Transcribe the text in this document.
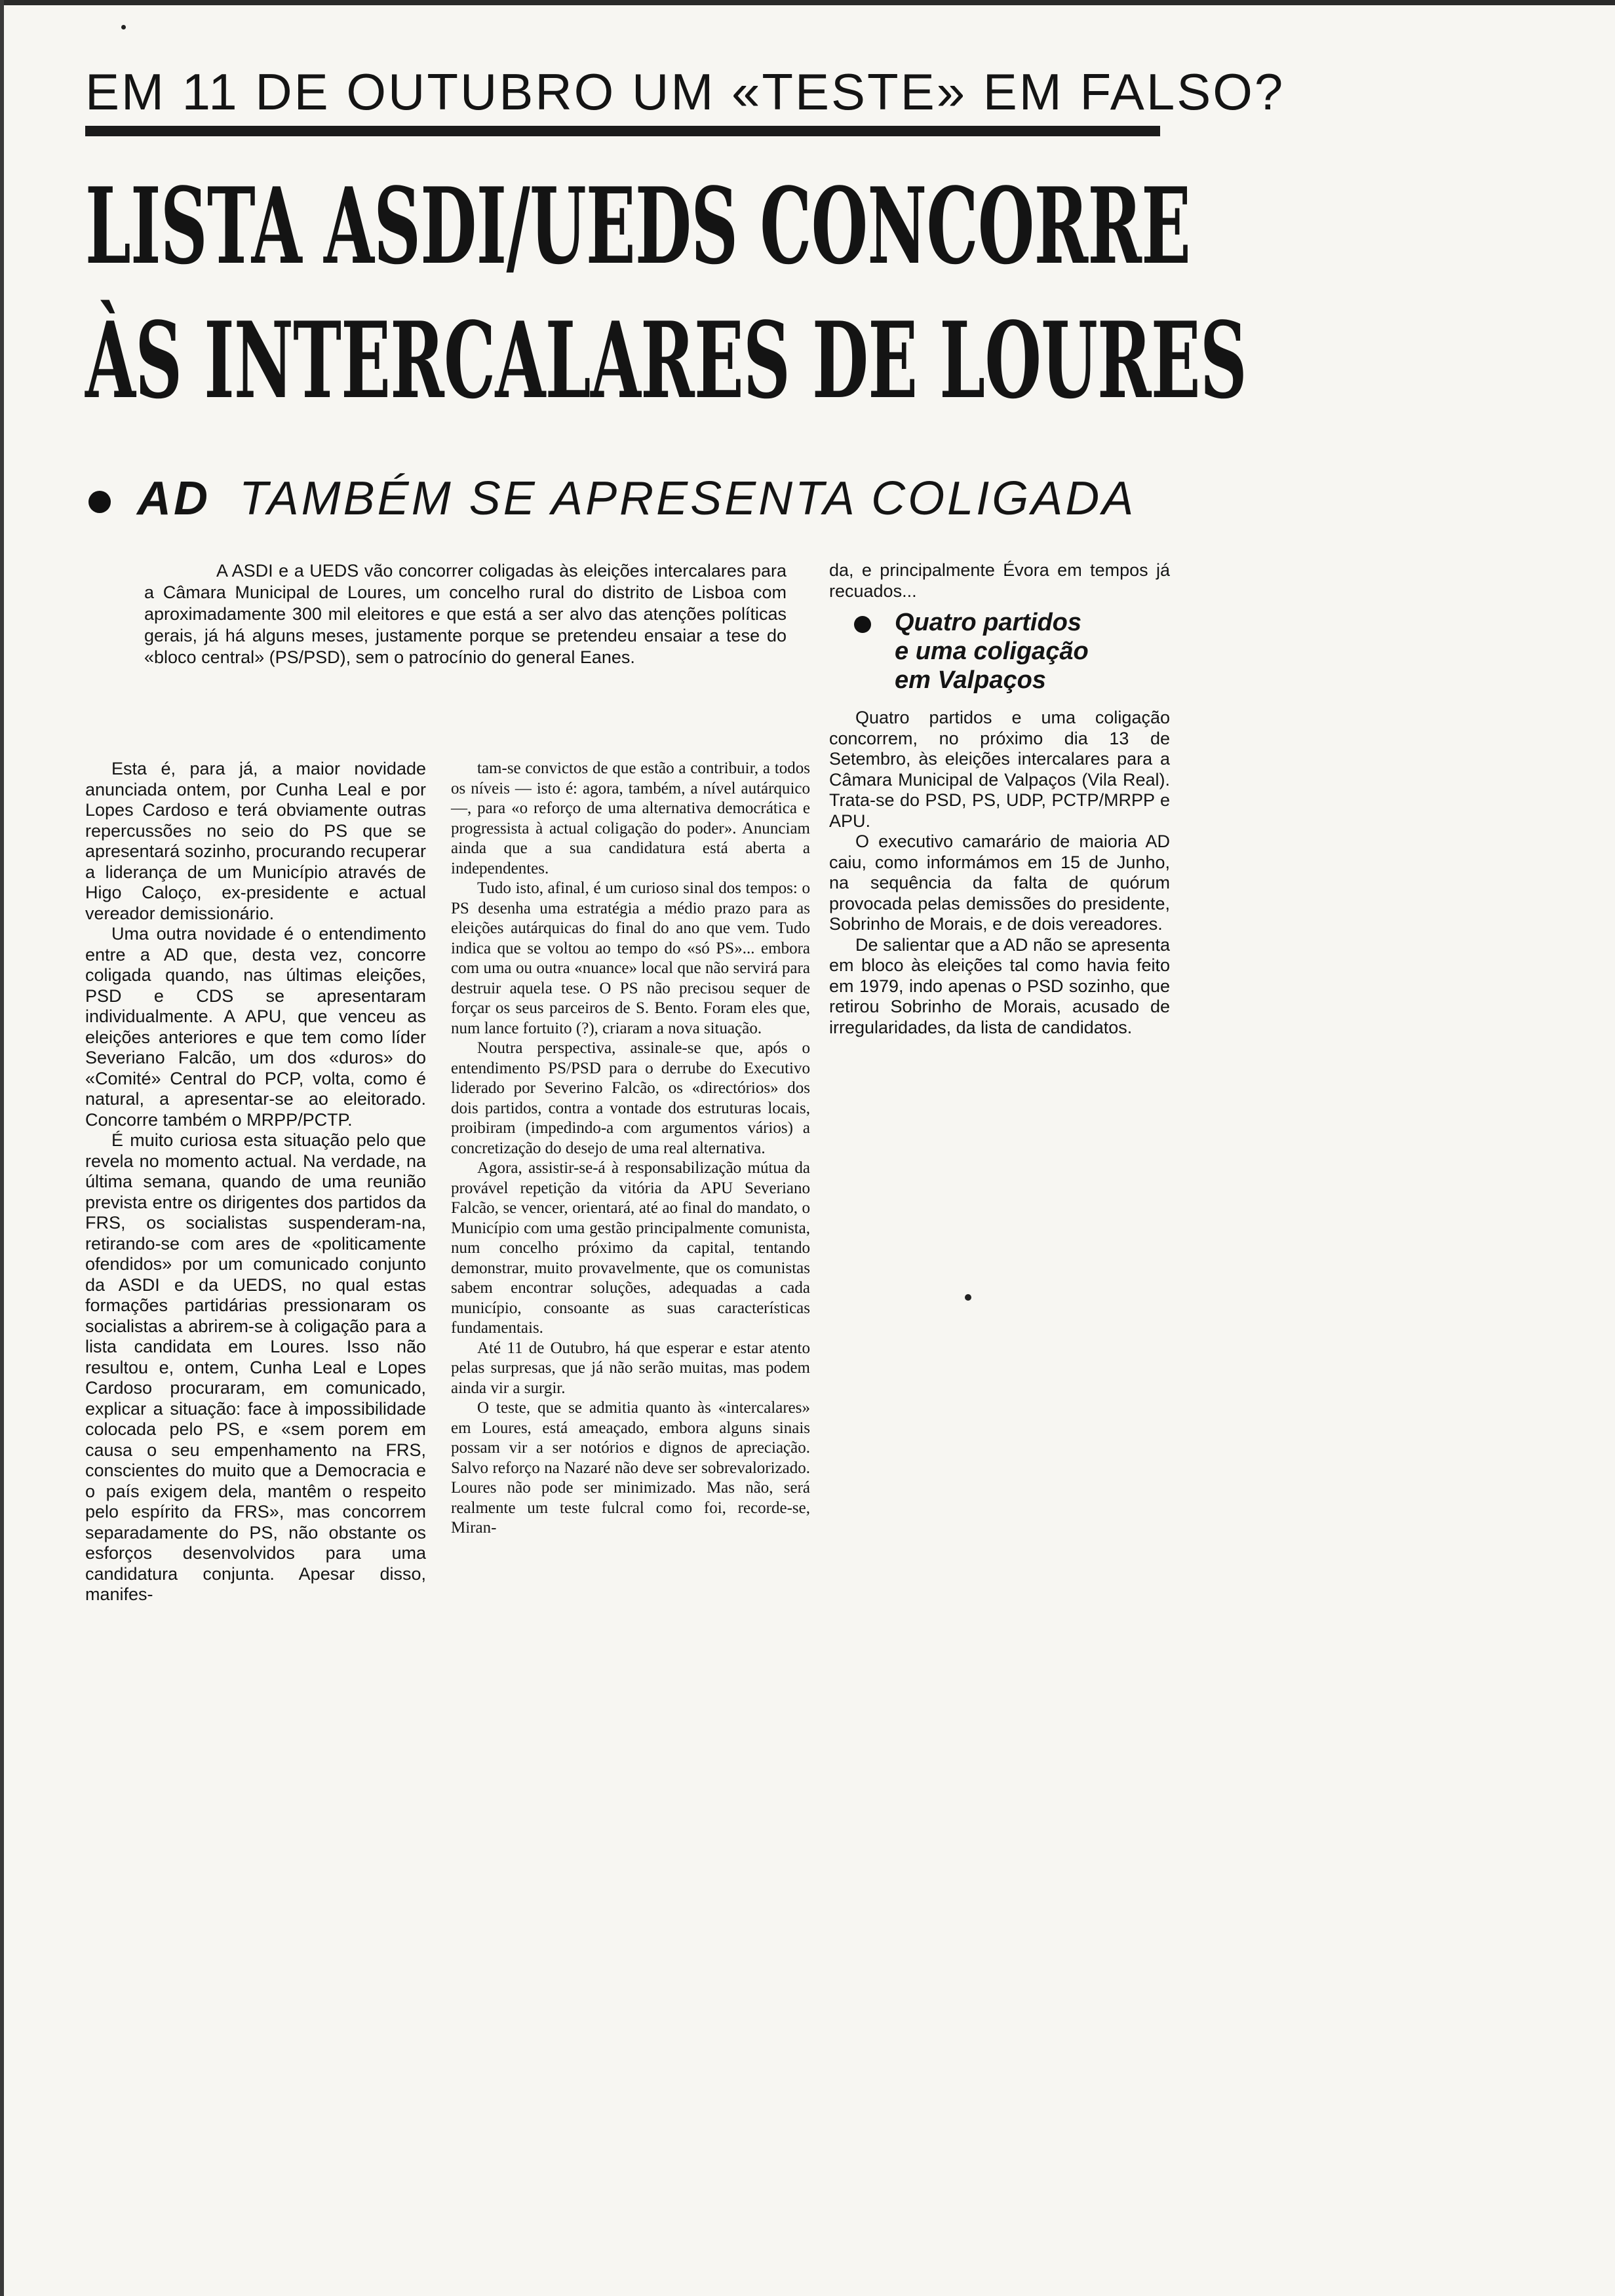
EM 11 DE OUTUBRO UM «TESTE» EM FALSO?
LISTA ASDI/UEDS CONCORRE
ÀS INTERCALARES DE LOURES
AD TAMBÉM SE APRESENTA COLIGADA
A ASDI e a UEDS vão concorrer coligadas às eleições intercalares para a Câmara Municipal de Loures, um concelho rural do distrito de Lisboa com aproximadamente 300 mil eleitores e que está a ser alvo das atenções políticas gerais, já há alguns meses, justamente porque se pretendeu ensaiar a tese do «bloco central» (PS/PSD), sem o patrocínio do general Eanes.

Esta é, para já, a maior novidade anunciada ontem, por Cunha Leal e por Lopes Cardoso e terá obviamente outras repercussões no seio do PS que se apresentará sozinho, procurando recuperar a liderança de um Município através de Higo Caloço, ex-presidente e actual vereador demissionário.

Uma outra novidade é o entendimento entre a AD que, desta vez, concorre coligada quando, nas últimas eleições, PSD e CDS se apresentaram individualmente. A APU, que venceu as eleições anteriores e que tem como líder Severiano Falcão, um dos «duros» do «Comité» Central do PCP, volta, como é natural, a apresentar-se ao eleitorado. Concorre também o MRPP/PCTP.

É muito curiosa esta situação pelo que revela no momento actual. Na verdade, na última semana, quando de uma reunião prevista entre os dirigentes dos partidos da FRS, os socialistas suspenderam-na, retirando-se com ares de «politicamente ofendidos» por um comunicado conjunto da ASDI e da UEDS, no qual estas formações partidárias pressionaram os socialistas a abrirem-se à coligação para a lista candidata em Loures. Isso não resultou e, ontem, Cunha Leal e Lopes Cardoso procuraram, em comunicado, explicar a situação: face à impossibilidade colocada pelo PS, e «sem porem em causa o seu empenhamento na FRS, conscientes do muito que a Democracia e o país exigem dela, mantêm o respeito pelo espírito da FRS», mas concorrem separadamente do PS, não obstante os esforços desenvolvidos para uma candidatura conjunta. Apesar disso, manifes-

tam-se convictos de que estão a contribuir, a todos os níveis — isto é: agora, também, a nível autárquico —, para «o reforço de uma alternativa democrática e progressista à actual coligação do poder». Anunciam ainda que a sua candidatura está aberta a independentes.

Tudo isto, afinal, é um curioso sinal dos tempos: o PS desenha uma estratégia a médio prazo para as eleições autárquicas do final do ano que vem. Tudo indica que se voltou ao tempo do «só PS»... embora com uma ou outra «nuance» local que não servirá para destruir aquela tese. O PS não precisou sequer de forçar os seus parceiros de S. Bento. Foram eles que, num lance fortuito (?), criaram a nova situação.

Noutra perspectiva, assinale-se que, após o entendimento PS/PSD para o derrube do Executivo liderado por Severino Falcão, os «directórios» dos dois partidos, contra a vontade dos estruturas locais, proibiram (impedindo-a com argumentos vários) a concretização do desejo de uma real alternativa.

Agora, assistir-se-á à responsabilização mútua da provável repetição da vitória da APU Severiano Falcão, se vencer, orientará, até ao final do mandato, o Município com uma gestão principalmente comunista, num concelho próximo da capital, tentando demonstrar, muito provavelmente, que os comunistas sabem encontrar soluções, adequadas a cada município, consoante as suas características fundamentais.

Até 11 de Outubro, há que esperar e estar atento pelas surpresas, que já não serão muitas, mas podem ainda vir a surgir.

O teste, que se admitia quanto às «intercalares» em Loures, está ameaçado, embora alguns sinais possam vir a ser notórios e dignos de apreciação. Salvo reforço na Nazaré não deve ser sobrevalorizado. Loures não pode ser minimizado. Mas não, será realmente um teste fulcral como foi, recorde-se, Miran-

da, e principalmente Évora em tempos já recuados...

Quatro partidos
e uma coligação
em Valpaços

Quatro partidos e uma coligação concorrem, no próximo dia 13 de Setembro, às eleições intercalares para a Câmara Municipal de Valpaços (Vila Real). Trata-se do PSD, PS, UDP, PCTP/MRPP e APU.

O executivo camarário de maioria AD caiu, como informámos em 15 de Junho, na sequência da falta de quórum provocada pelas demissões do presidente, Sobrinho de Morais, e de dois vereadores.

De salientar que a AD não se apresenta em bloco às eleições tal como havia feito em 1979, indo apenas o PSD sozinho, que retirou Sobrinho de Morais, acusado de irregularidades, da lista de candidatos.
